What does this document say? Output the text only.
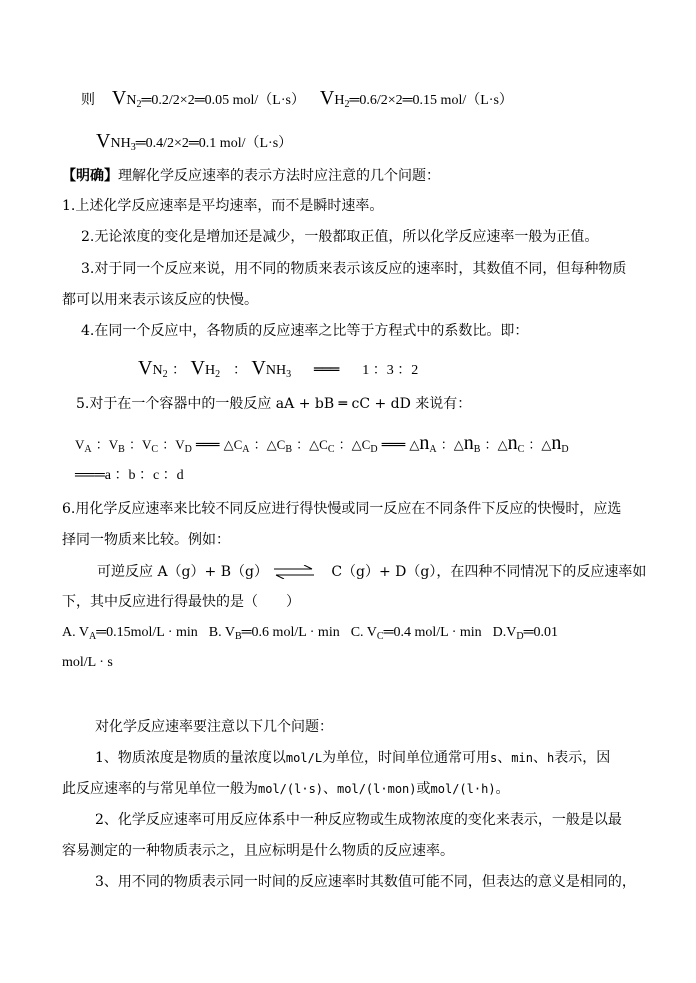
则 $VN_2═0.2/2\times 2═0.05$ mol/（L·s） $VH_2═0.6/2\times 2═0.15$ mol/（L·s）
$VNH_3═0.4/2\times 2═0.1$ mol/（L·s）
【明确】理解化学反应速率的表示方法时应注意的几个问题：
1.上述化学反应速率是平均速率，而不是瞬时速率。
2.无论浓度的变化是增加还是减少，一般都取正值，所以化学反应速率一般为正值。
3.对于同一个反应来说，用不同的物质来表示该反应的速率时，其数值不同，但每种物质
都可以用来表示该反应的快慢。
4.在同一个反应中，各物质的反应速率之比等于方程式中的系数比。即：
$VN_2$ ： $VH_2$ ： $VNH_3$ ═══ 1 ：3 ：2
5.对于在一个容器中的一般反应 aA + bB ═ cC + dD 来说有：
$V_A$ ：$V_B$ ：$V_C$ ：$V_D$ ═══ $\triangle C_A$ ：$\triangle C_B$ ：$\triangle C_C$ ：$\triangle C_D$ ═══ $\triangle n_A$ ：$\triangle n_B$ ：$\triangle n_C$ ：$\triangle n_D$
═══a ：b ：c ：d
6.用化学反应速率来比较不同反应进行得快慢或同一反应在不同条件下反应的快慢时，应选
择同一物质来比较。例如：
可逆反应 A（g）+ B（g） ⇌ C（g）+ D（g），在四种不同情况下的反应速率如
下，其中反应进行得最快的是（　　）
A. $V_A═0.15mol/L \cdot \min B$. $V_B═0.6$ mol/L · min C. $V_C═0.4$ $mol/L \cdot \min D.V_D═0.01$
mol/L · s
对化学反应速率要注意以下几个问题：
1、物质浓度是物质的量浓度以mol/L为单位，时间单位通常可用s、min、h表示，因
此反应速率的与常见单位一般为mol/(l·s)、mol/(l·mon)或mol/(l·h)。
2、化学反应速率可用反应体系中一种反应物或生成物浓度的变化来表示，一般是以最
容易测定的一种物质表示之，且应标明是什么物质的反应速率。
3、用不同的物质表示同一时间的反应速率时其数值可能不同，但表达的意义是相同的，
